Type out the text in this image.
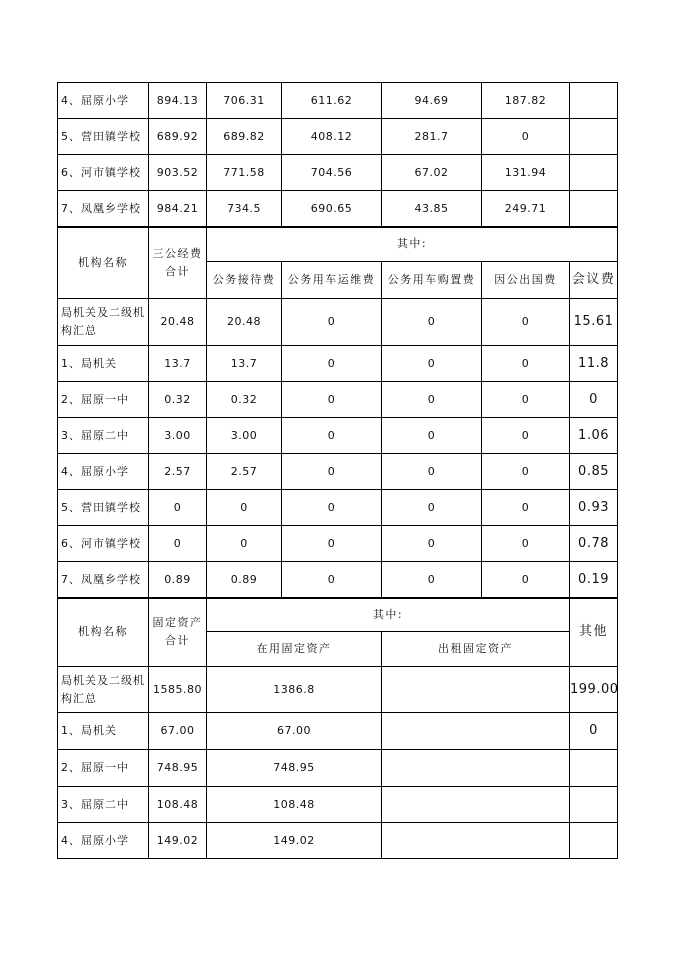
4、屈原小学	894.13	706.31	611.62	94.69	187.82	
5、营田镇学校	689.92	689.82	408.12	281.7	0	
6、河市镇学校	903.52	771.58	704.56	67.02	131.94	
7、凤凰乡学校	984.21	734.5	690.65	43.85	249.71	
机构名称	三公经费合计	其中:				
		公务接待费	公务用车运维费	公务用车购置费	因公出国费	会议费
局机关及二级机构汇总	20.48	20.48	0	0	0	15.61
1、局机关	13.7	13.7	0	0	0	11.8
2、屈原一中	0.32	0.32	0	0	0	0
3、屈原二中	3.00	3.00	0	0	0	1.06
4、屈原小学	2.57	2.57	0	0	0	0.85
5、营田镇学校	0	0	0	0	0	0.93
6、河市镇学校	0	0	0	0	0	0.78
7、凤凰乡学校	0.89	0.89	0	0	0	0.19
机构名称	固定资产合计	其中:		其他
		在用固定资产	出租固定资产	
局机关及二级机构汇总	1585.80	1386.8		199.00
1、局机关	67.00	67.00		0
2、屈原一中	748.95	748.95		
3、屈原二中	108.48	108.48		
4、屈原小学	149.02	149.02		
